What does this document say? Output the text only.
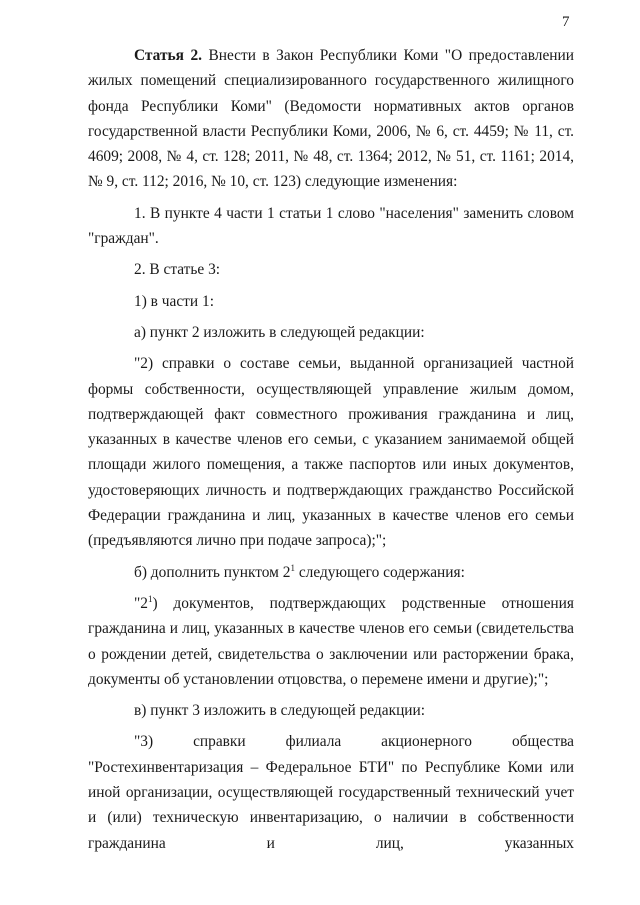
7

Статья 2. Внести в Закон Республики Коми "О предоставлении жилых помещений специализированного государственного жилищного фонда Республики Коми" (Ведомости нормативных актов органов государственной власти Республики Коми, 2006, № 6, ст. 4459; № 11, ст. 4609; 2008, № 4, ст. 128; 2011, № 48, ст. 1364; 2012, № 51, ст. 1161; 2014, № 9, ст. 112; 2016, № 10, ст. 123) следующие изменения:

1. В пункте 4 части 1 статьи 1 слово "населения" заменить словом "граждан".

2. В статье 3:

1) в части 1:

а) пункт 2 изложить в следующей редакции:

"2) справки о составе семьи, выданной организацией частной формы собственности, осуществляющей управление жилым домом, подтверждающей факт совместного проживания гражданина и лиц, указанных в качестве членов его семьи, с указанием занимаемой общей площади жилого помещения, а также паспортов или иных документов, удостоверяющих личность и подтверждающих гражданство Российской Федерации гражданина и лиц, указанных в качестве членов его семьи (предъявляются лично при подаче запроса);";

б) дополнить пунктом $2^1$ следующего содержания:

"$2^1$) документов, подтверждающих родственные отношения гражданина и лиц, указанных в качестве членов его семьи (свидетельства о рождении детей, свидетельства о заключении или расторжении брака, документы об установлении отцовства, о перемене имени и другие);";

в) пункт 3 изложить в следующей редакции:

"3) справки филиала акционерного общества "Ростехинвентаризация – Федеральное БТИ" по Республике Коми или иной организации, осуществляющей государственный технический учет и (или) техническую инвентаризацию, о наличии в собственности гражданина и лиц, указанных
